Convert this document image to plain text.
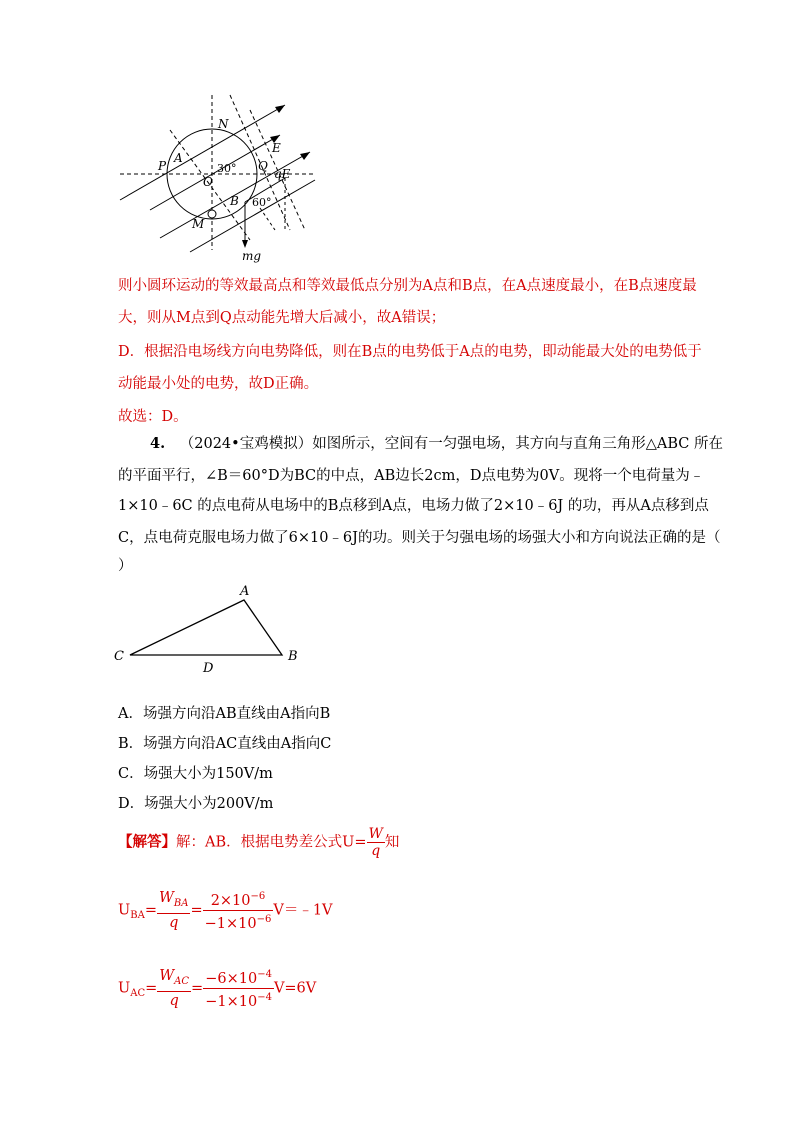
N
E
P
A
O
Q
qE
B
M
mg
30°
60°
则小圆环运动的等效最高点和等效最低点分别为A点和B点，在A点速度最小，在B点速度最
大，则从M点到Q点动能先增大后减小，故A错误；
D．根据沿电场线方向电势降低，则在B点的电势低于A点的电势，即动能最大处的电势低于
动能最小处的电势，故D正确。
故选：D。
4. （2024•宝鸡模拟）如图所示，空间有一匀强电场，其方向与直角三角形△ABC 所在
的平面平行，∠B＝60°D为BC的中点，AB边长2cm，D点电势为0V。现将一个电荷量为﹣
1×10﹣6C 的点电荷从电场中的B点移到A点，电场力做了2×10﹣6J 的功，再从A点移到点
C，点电荷克服电场力做了6×10﹣6J的功。则关于匀强电场的场强大小和方向说法正确的是（
）
A
B
C
D
A．场强方向沿AB直线由A指向B
B．场强方向沿AC直线由A指向C
C．场强大小为150V/m
D．场强大小为200V/m
【解答】解：AB．根据电势差公式$U= \frac{W}{q}$ 知
$U_{BA}= \frac{W_{BA}}{q} = \frac{2\times 10^{-6}}{-1\times 10^{-6}}$ V＝﹣1V
$U_{AC}= \frac{W_{AC}}{q} = \frac{-6\times 10^{-4}}{-1\times 10^{-4}} V=6V$
